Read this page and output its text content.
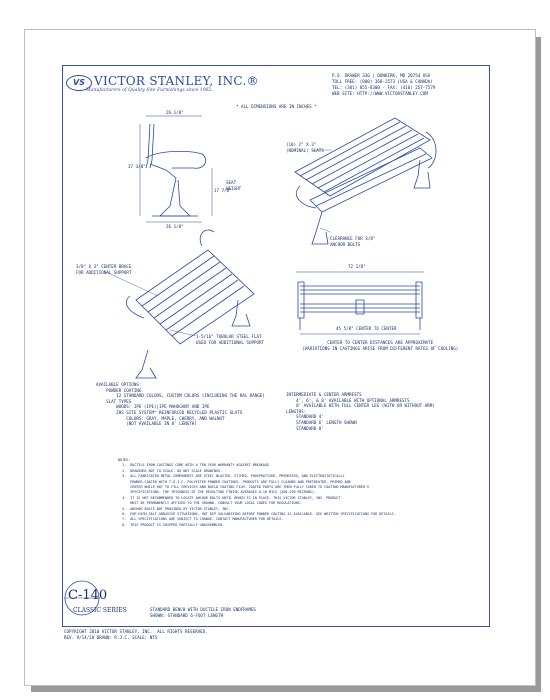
VS VICTOR STANLEY, INC.®
Manufacturers of Quality Site Furnishings since 1962.
P.O. DRAWER 330 | DUNKIRK, MD 20754 USA
TOLL FREE: (800) 368-2573 (USA & CANADA)
TEL: (301) 855-8300 · FAX: (410) 257-7579
WEB SITE: HTTP://WWW.VICTORSTANLEY.COM
* ALL DIMENSIONS ARE IN INCHES *
26 1/8"
37 3/8"
17 7/8"
SEAT
HEIGHT
26 1/8"
(10) 2" X 3"
(NOMINAL) SLATS
CLEARANCE FOR 3/8"
ANCHOR BOLTS
3/8" X 3" CENTER BRACE
FOR ADDITIONAL SUPPORT
1-5/16" TUBULAR STEEL FLAT
USED FOR ADDITIONAL SUPPORT
72 1/8"
45 5/8" CENTER TO CENTER
CENTER TO CENTER DISTANCES ARE APPROXIMATE
(VARIATIONS IN CASTINGS ARISE FROM DIFFERENT RATES OF COOLING)
AVAILABLE OPTIONS:
POWDER COATING
12 STANDARD COLORS, CUSTOM COLORS (INCLUDING THE RAL RANGE)
SLAT TYPES
WOODS: IPE (IPE)|IPE MAHOGANY AND IPE
ZHS SITE SYSTEM™ REINFORCED RECYCLED PLASTIC SLATS
COLORS: GRAY, MAPLE, CHERRY, AND WALNUT
(NOT AVAILABLE IN 8' LENGTH)
INTERMEDIATE & CENTER ARMRESTS
4', 6', & 8' AVAILABLE WITH OPTIONAL ARMRESTS
8' AVAILABLE WITH FULL CENTER LEG (WITH OR WITHOUT ARM)
LENGTHS:
STANDARD 4'
STANDARD 6' LENGTH SHOWN
STANDARD 8'
NOTES:
1.  DUCTILE IRON CASTINGS COME WITH A TEN YEAR WARRANTY AGAINST BREAKAGE.
2.  DRAWINGS NOT TO SCALE. DO NOT SCALE DRAWINGS.
3.  ALL FABRICATED METAL COMPONENTS ARE STEEL BLASTED, ETCHED, PHOSPHATIZED, PREHEATED, AND ELECTROSTATICALLY
POWDER-COATED WITH T.G.I.C. POLYESTER POWDER COATINGS. PRODUCTS ARE FULLY CLEANED AND PRETREATED, PRIMED AND
CENTER WHILE HOT TO FILL CREVICES AND BUILD COATING FILM. COATED PARTS ARE THEN FULLY CURED TO COATING MANUFACTURER'S
SPECIFICATIONS. THE THICKNESS OF THE RESULTING FINISH AVERAGES 8-10 MILS (200-250 MICRONS).
4.  IT IS NOT RECOMMENDED TO LOCATE ANCHOR BOLTS UNTIL BENCH IS IN PLACE. THIS VICTOR STANLEY, INC. PRODUCT
MUST BE PERMANENTLY AFFIXED TO THE GROUND. CONSULT YOUR LOCAL CODES FOR REGULATIONS.
5.  ANCHOR BOLTS NOT PROVIDED BY VICTOR STANLEY, INC.
6.  FOR HIGH SALT ABRASIVE SITUATIONS, HOT DIP GALVANIZING BEFORE POWDER COATING IS AVAILABLE. SEE WRITTEN SPECIFICATIONS FOR DETAILS.
7.  ALL SPECIFICATIONS ARE SUBJECT TO CHANGE. CONTACT MANUFACTURER FOR DETAILS.
8.  THIS PRODUCT IS SHIPPED PARTIALLY UNASSEMBLED.
C-140
CLASSIC SERIES	STANDARD BENCH WITH DUCTILE IRON ENDFRAMES
SHOWN: STANDARD 6-FOOT LENGTH
COPYRIGHT 2010 VICTOR STANLEY, INC.  ALL RIGHTS RESERVED.
REV. 9/14/10 DRAWN: R.J.C. SCALE: NTS
